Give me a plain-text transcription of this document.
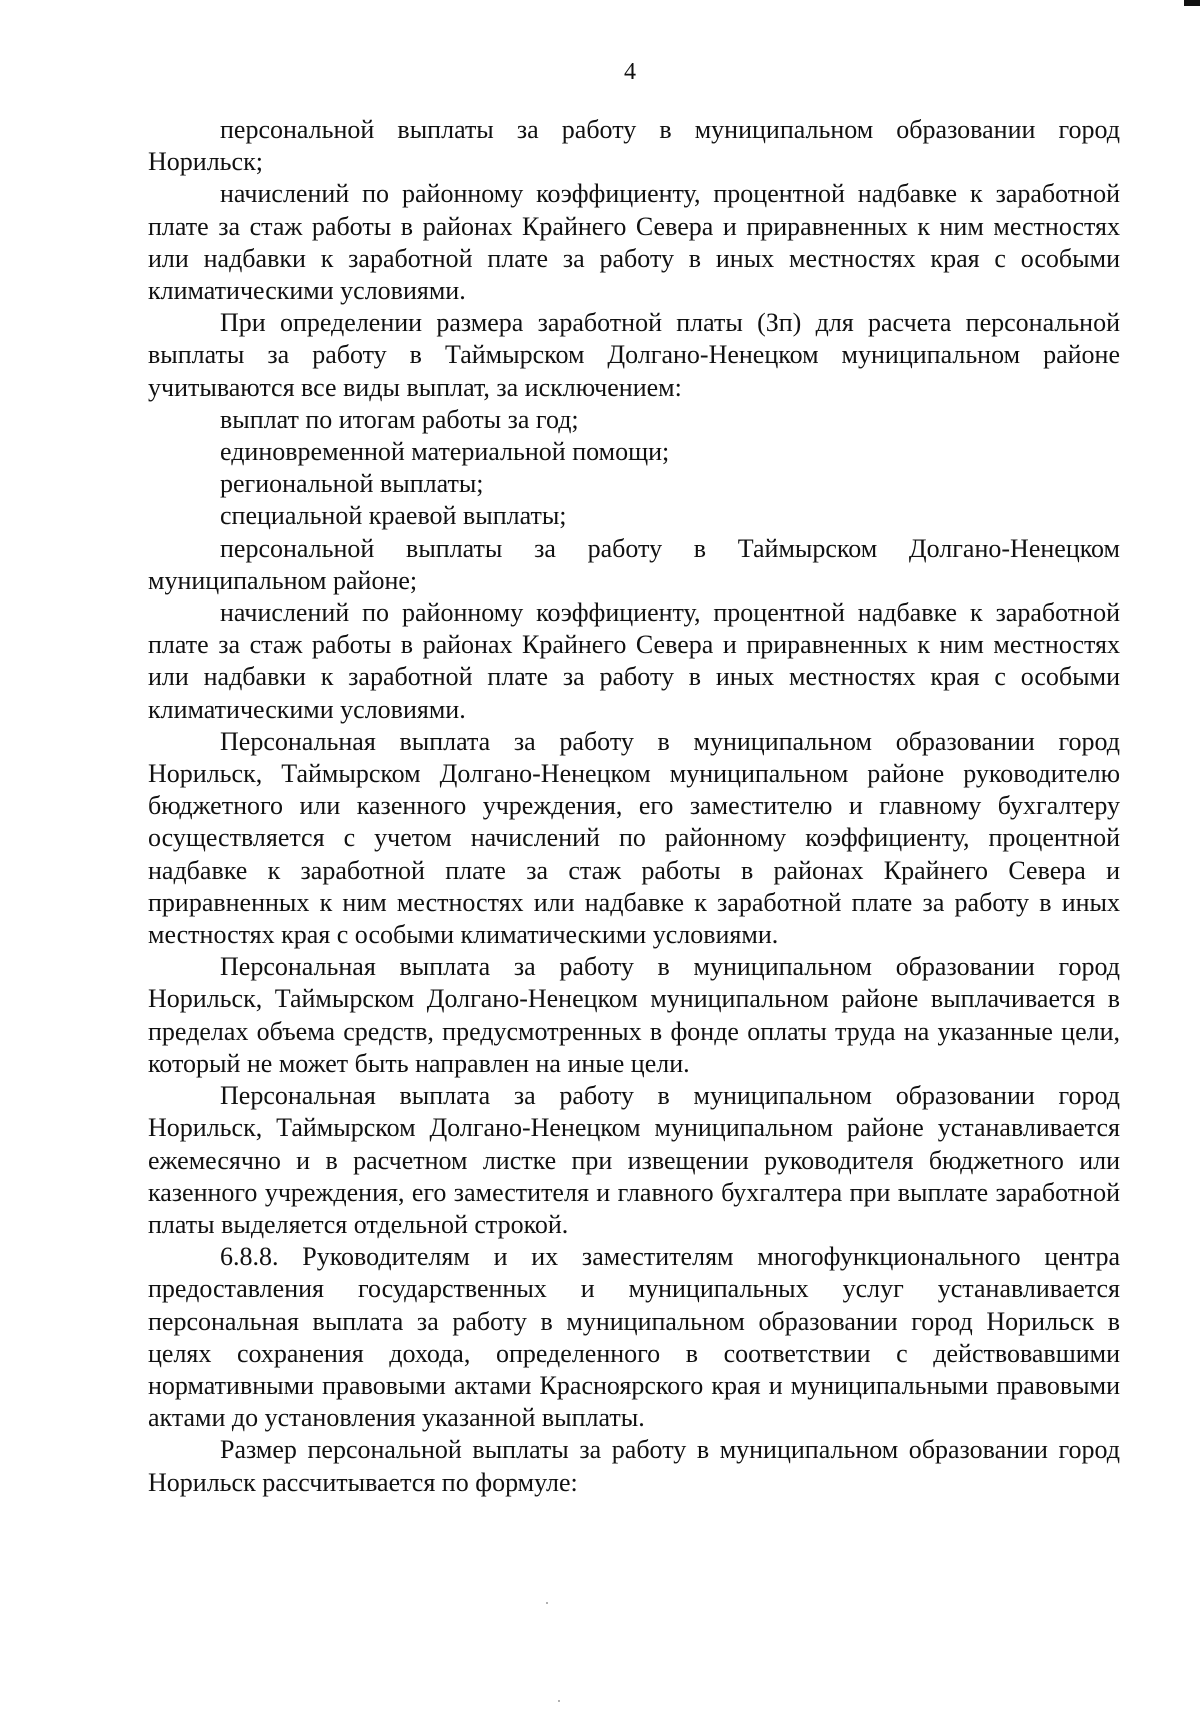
4

персональной выплаты за работу в муниципальном образовании город Норильск;

начислений по районному коэффициенту, процентной надбавке к заработной плате за стаж работы в районах Крайнего Севера и приравненных к ним местностях или надбавки к заработной плате за работу в иных местностях края с особыми климатическими условиями.

При определении размера заработной платы (Зп) для расчета персональной выплаты за работу в Таймырском Долгано-Ненецком муниципальном районе учитываются все виды выплат, за исключением:

выплат по итогам работы за год;

единовременной материальной помощи;

региональной выплаты;

специальной краевой выплаты;

персональной выплаты за работу в Таймырском Долгано-Ненецком муниципальном районе;

начислений по районному коэффициенту, процентной надбавке к заработной плате за стаж работы в районах Крайнего Севера и приравненных к ним местностях или надбавки к заработной плате за работу в иных местностях края с особыми климатическими условиями.

Персональная выплата за работу в муниципальном образовании город Норильск, Таймырском Долгано-Ненецком муниципальном районе руководителю бюджетного или казенного учреждения, его заместителю и главному бухгалтеру осуществляется с учетом начислений по районному коэффициенту, процентной надбавке к заработной плате за стаж работы в районах Крайнего Севера и приравненных к ним местностях или надбавке к заработной плате за работу в иных местностях края с особыми климатическими условиями.

Персональная выплата за работу в муниципальном образовании город Норильск, Таймырском Долгано-Ненецком муниципальном районе выплачивается в пределах объема средств, предусмотренных в фонде оплаты труда на указанные цели, который не может быть направлен на иные цели.

Персональная выплата за работу в муниципальном образовании город Норильск, Таймырском Долгано-Ненецком муниципальном районе устанавливается ежемесячно и в расчетном листке при извещении руководителя бюджетного или казенного учреждения, его заместителя и главного бухгалтера при выплате заработной платы выделяется отдельной строкой.

6.8.8. Руководителям и их заместителям многофункционального центра предоставления государственных и муниципальных услуг устанавливается персональная выплата за работу в муниципальном образовании город Норильск в целях сохранения дохода, определенного в соответствии с действовавшими нормативными правовыми актами Красноярского края и муниципальными правовыми актами до установления указанной выплаты.

Размер персональной выплаты за работу в муниципальном образовании город Норильск рассчитывается по формуле:
